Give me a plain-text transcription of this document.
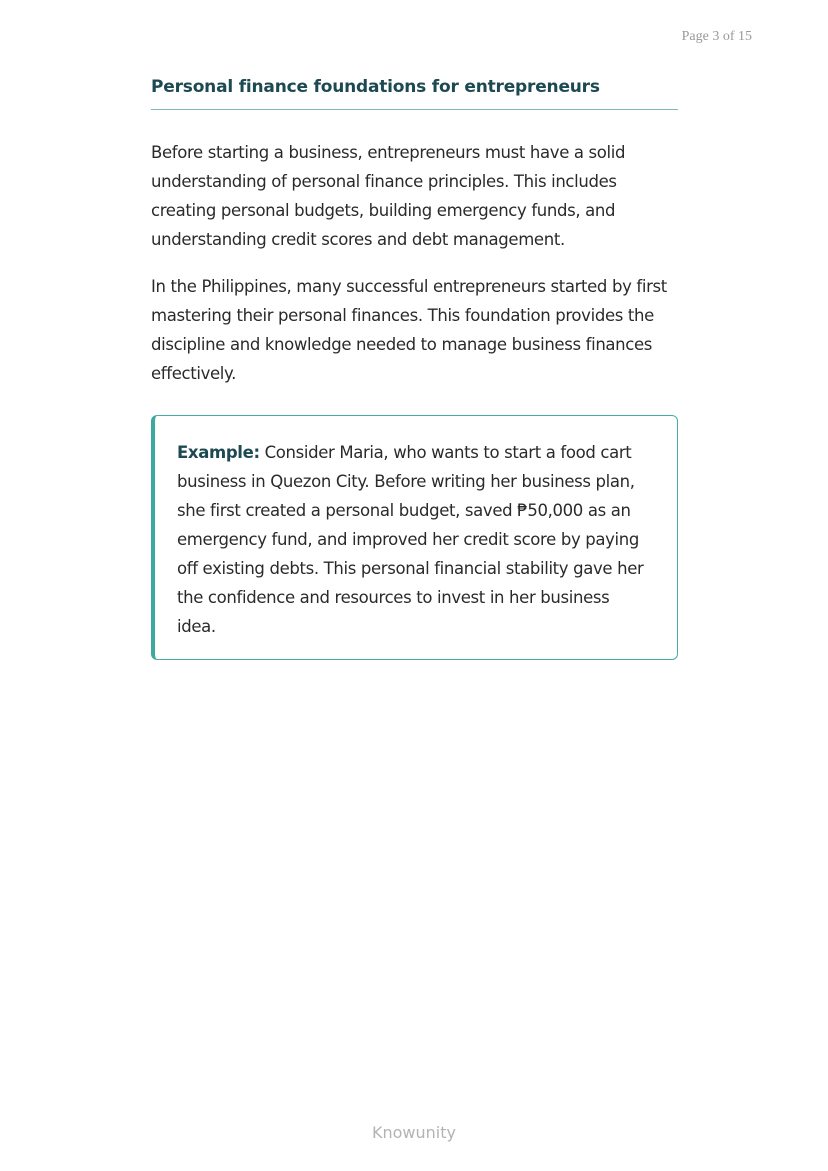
Page 3 of 15
Personal finance foundations for entrepreneurs

Before starting a business, entrepreneurs must have a solid understanding of personal finance principles. This includes creating personal budgets, building emergency funds, and understanding credit scores and debt management.

In the Philippines, many successful entrepreneurs started by first mastering their personal finances. This foundation provides the discipline and knowledge needed to manage business finances effectively.

Example: Consider Maria, who wants to start a food cart business in Quezon City. Before writing her business plan, she first created a personal budget, saved ₱50,000 as an emergency fund, and improved her credit score by paying off existing debts. This personal financial stability gave her the confidence and resources to invest in her business idea.

Knowunity
